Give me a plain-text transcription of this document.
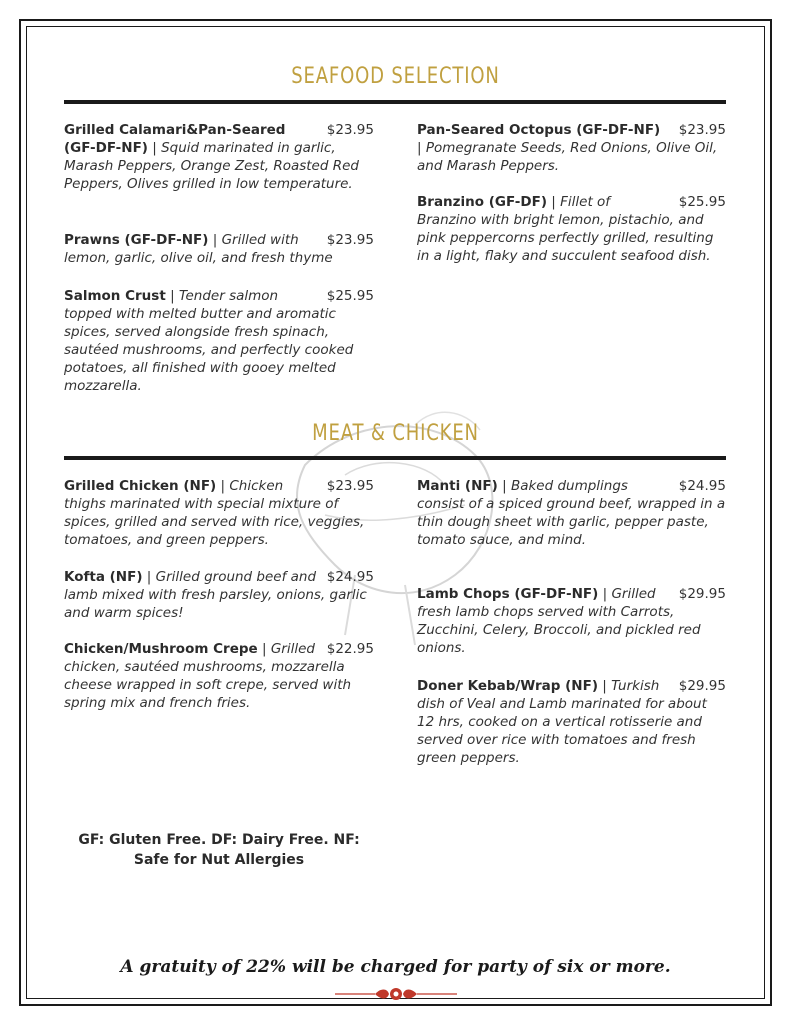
SEAFOOD SELECTION
$23.95
Grilled Calamari&Pan-Seared (GF-DF-NF) | Squid marinated in garlic, Marash Peppers, Orange Zest, Roasted Red Peppers, Olives grilled in low temperature.
$23.95
Prawns (GF-DF-NF) | Grilled with lemon, garlic, olive oil, and fresh thyme
$25.95
Salmon Crust | Tender salmon topped with melted butter and aromatic spices, served alongside fresh spinach, sautéed mushrooms, and perfectly cooked potatoes, all finished with gooey melted mozzarella.
$23.95
Pan-Seared Octopus (GF-DF-NF) | Pomegranate Seeds, Red Onions, Olive Oil, and Marash Peppers.
$25.95
Branzino (GF-DF) | Fillet of Branzino with bright lemon, pistachio, and pink peppercorns perfectly grilled, resulting in a light, flaky and succulent seafood dish.
MEAT & CHICKEN
$23.95
Grilled Chicken (NF) | Chicken thighs marinated with special mixture of spices, grilled and served with rice, veggies, tomatoes, and green peppers.
$24.95
Kofta (NF) | Grilled ground beef and lamb mixed with fresh parsley, onions, garlic and warm spices!
$22.95
Chicken/Mushroom Crepe | Grilled chicken, sautéed mushrooms, mozzarella cheese wrapped in soft crepe, served with spring mix and french fries.
$24.95
Manti (NF) | Baked dumplings consist of a spiced ground beef, wrapped in a thin dough sheet with garlic, pepper paste, tomato sauce, and mind.
$29.95
Lamb Chops (GF-DF-NF) | Grilled fresh lamb chops served with Carrots, Zucchini, Celery, Broccoli, and pickled red onions.
$29.95
Doner Kebab/Wrap (NF) | Turkish dish of Veal and Lamb marinated for about 12 hrs, cooked on a vertical rotisserie and served over rice with tomatoes and fresh green peppers.
GF: Gluten Free. DF: Dairy Free. NF: Safe for Nut Allergies
A gratuity of 22% will be charged for party of six or more.
